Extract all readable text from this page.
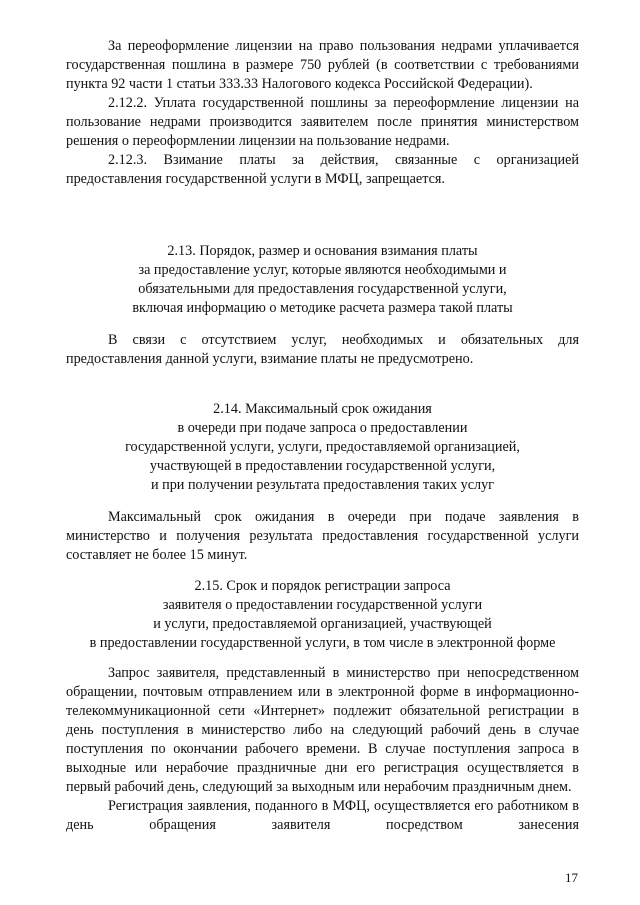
За переоформление лицензии на право пользования недрами уплачивается государственная пошлина в размере 750 рублей (в соответствии с требованиями пункта 92 части 1 статьи 333.33 Налогового кодекса Российской Федерации).

2.12.2. Уплата государственной пошлины за переоформление лицензии на пользование недрами производится заявителем после принятия министерством решения о переоформлении лицензии на пользование недрами.

2.12.3. Взимание платы за действия, связанные с организацией предоставления государственной услуги в МФЦ, запрещается.

2.13. Порядок, размер и основания взимания платы

за предоставление услуг, которые являются необходимыми и

обязательными для предоставления государственной услуги,

включая информацию о методике расчета размера такой платы

В связи с отсутствием услуг, необходимых и обязательных для предоставления данной услуги, взимание платы не предусмотрено.

2.14. Максимальный срок ожидания

в очереди при подаче запроса о предоставлении

государственной услуги, услуги, предоставляемой организацией,

участвующей в предоставлении государственной услуги,

и при получении результата предоставления таких услуг

Максимальный срок ожидания в очереди при подаче заявления в министерство и получения результата предоставления государственной услуги составляет не более 15 минут.

2.15. Срок и порядок регистрации запроса

заявителя о предоставлении государственной услуги

и услуги, предоставляемой организацией, участвующей

в предоставлении государственной услуги, в том числе в электронной форме

Запрос заявителя, представленный в министерство при непосредственном обращении, почтовым отправлением или в электронной форме в информационно-телекоммуникационной сети «Интернет» подлежит обязательной регистрации в день поступления в министерство либо на следующий рабочий день в случае поступления по окончании рабочего времени. В случае поступления запроса в выходные или нерабочие праздничные дни его регистрация осуществляется в первый рабочий день, следующий за выходным или нерабочим праздничным днем.

Регистрация заявления, поданного в МФЦ, осуществляется его работником в день обращения заявителя посредством занесения

17
